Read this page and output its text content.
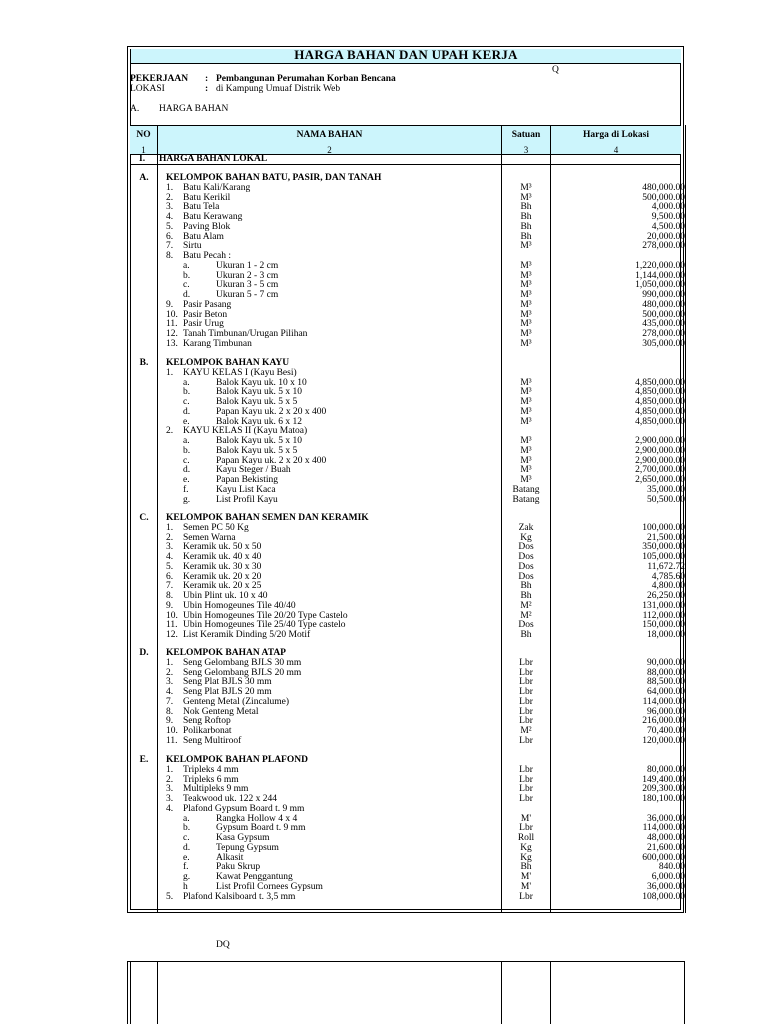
HARGA BAHAN DAN UPAH KERJA
Q
PEKERJAAN : Pembangunan Perumahan Korban Bencana
LOKASI	: di Kampung Umuaf Distrik Web
A. HARGA BAHAN
NO	NAMA BAHAN	Satuan	Harga di Lokasi
1	2	3	4
I. HARGA BAHAN LOKAL
A. KELOMPOK BAHAN BATU, PASIR, DAN TANAH
1. Batu Kali/Karang	M³	480,000.00
2. Batu Kerikil	M³	500,000.00
3. Batu Tela	Bh	4,000.00
4. Batu Kerawang	Bh	9,500.00
5. Paving Blok	Bh	4,500.00
6. Batu Alam	Bh	20,000.00
7. Sirtu	M³	278,000.00
8. Batu Pecah :
a.	Ukuran 1 - 2 cm	M³	1,220,000.00
b.	Ukuran 2 - 3 cm	M³	1,144,000.00
c.	Ukuran 3 - 5 cm	M³	1,050,000.00
d.	Ukuran 5 - 7 cm	M³	990,000.00
9. Pasir Pasang	M³	480,000.00
10. Pasir Beton	M³	500,000.00
11. Pasir Urug	M³	435,000.00
12. Tanah Timbunan/Urugan Pilihan	M³	278,000.00
13. Karang Timbunan	M³	305,000.00
B. KELOMPOK BAHAN KAYU
1. KAYU KELAS I (Kayu Besi)
a.	Balok Kayu uk. 10 x 10	M³	4,850,000.00
b.	Balok Kayu uk. 5 x 10	M³	4,850,000.00
c.	Balok Kayu uk. 5 x 5	M³	4,850,000.00
d.	Papan Kayu uk. 2 x 20 x 400	M³	4,850,000.00
e.	Balok Kayu uk. 6 x 12	M³	4,850,000.00
2. KAYU KELAS II (Kayu Matoa)
a.	Balok Kayu uk. 5 x 10	M³	2,900,000.00
b.	Balok Kayu uk. 5 x 5	M³	2,900,000.00
c.	Papan Kayu uk. 2 x 20 x 400	M³	2,900,000.00
d.	Kayu Steger / Buah	M³	2,700,000.00
e.	Papan Bekisting	M³	2,650,000.00
f.	Kayu List Kaca	Batang	35,000.00
g.	List Profil Kayu	Batang	50,500.00
C. KELOMPOK BAHAN SEMEN DAN KERAMIK
1. Semen PC 50 Kg	Zak	100,000.00
2. Semen Warna	Kg	21,500.00
3. Keramik uk. 50 x 50	Dos	350,000.00
4. Keramik uk. 40 x 40	Dos	105,000.00
5. Keramik uk. 30 x 30	Dos	11,672.72
6. Keramik uk. 20 x 20	Dos	4,785.60
7. Keramik uk. 20 x 25	Bh	4,800.00
8. Ubin Plint uk. 10 x 40	Bh	26,250.00
9. Ubin Homogeunes Tile 40/40	M²	131,000.00
10. Ubin Homogeunes Tile 20/20 Type Castelo	M²	112,000.00
11. Ubin Homogeunes Tile 25/40 Type castelo	Dos	150,000.00
12. List Keramik Dinding 5/20 Motif	Bh	18,000.00
D. KELOMPOK BAHAN ATAP
1. Seng Gelombang BJLS 30 mm	Lbr	90,000.00
2. Seng Gelombang BJLS 20 mm	Lbr	88,000.00
3. Seng Plat BJLS 30 mm	Lbr	88,500.00
4. Seng Plat BJLS 20 mm	Lbr	64,000.00
7. Genteng Metal (Zincalume)	Lbr	114,000.00
8. Nok Genteng Metal	Lbr	96,000.00
9. Seng Roftop	Lbr	216,000.00
10. Polikarbonat	M²	70,400.00
11. Seng Multiroof	Lbr	120,000.00
E. KELOMPOK BAHAN PLAFOND
1. Tripleks 4 mm	Lbr	80,000.00
2. Tripleks 6 mm	Lbr	149,400.00
3. Multipleks 9 mm	Lbr	209,300.00
3. Teakwood uk. 122 x 244	Lbr	180,100.00
4. Plafond Gypsum Board t. 9 mm
a.	Rangka Hollow 4 x 4	M'	36,000.00
b.	Gypsum Board t. 9 mm	Lbr	114,000.00
c.	Kasa Gypsum	Roll	48,000.00
d.	Tepung Gypsum	Kg	21,600.00
e.	Alkasit	Kg	600,000.00
f.	Paku Skrup	Bh	840.00
g.	Kawat Penggantung	M'	6,000.00
h	List Profil Cornees Gypsum	M'	36,000.00
5. Plafond Kalsiboard t. 3,5 mm	Lbr	108,000.00
DQ
